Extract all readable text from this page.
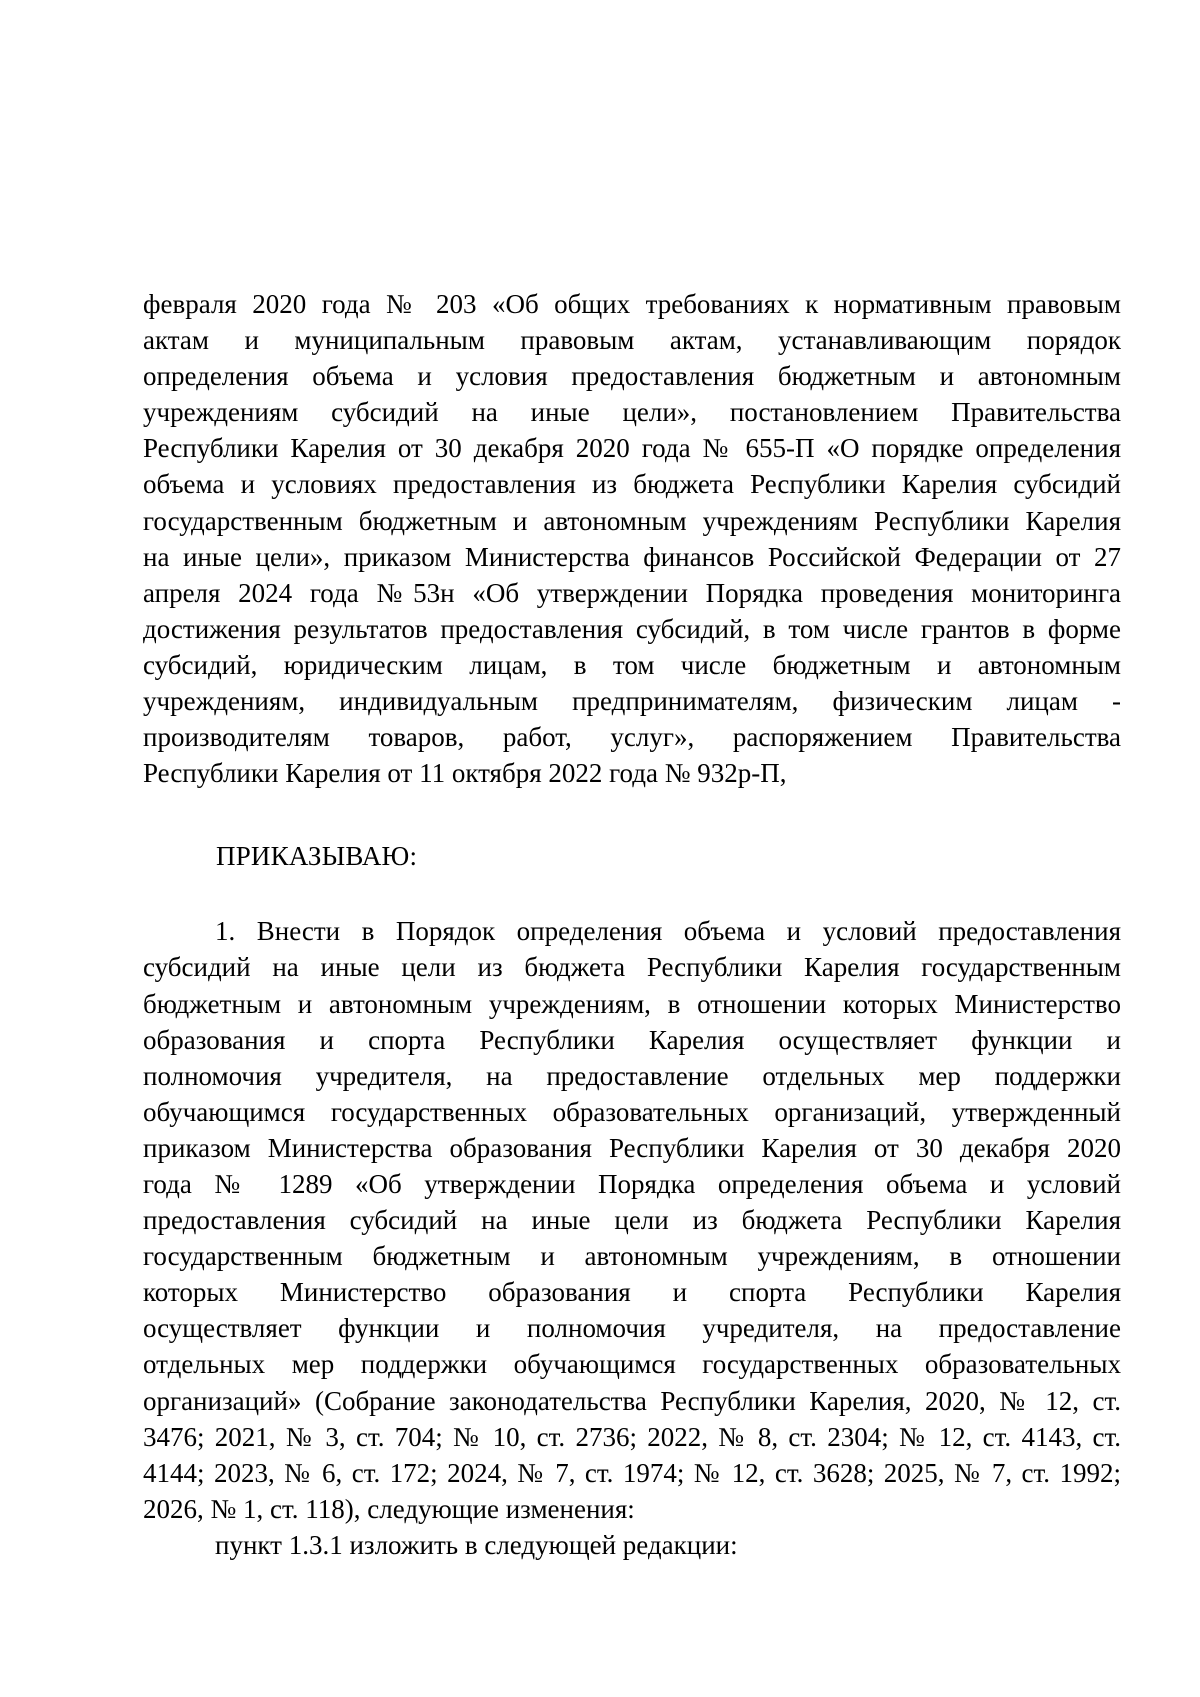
февраля 2020 года № 203 «Об общих требованиях к нормативным правовым
актам и муниципальным правовым актам, устанавливающим порядок
определения объема и условия предоставления бюджетным и автономным
учреждениям субсидий на иные цели», постановлением Правительства
Республики Карелия от 30 декабря 2020 года № 655-П «О порядке определения
объема и условиях предоставления из бюджета Республики Карелия субсидий
государственным бюджетным и автономным учреждениям Республики Карелия
на иные цели», приказом Министерства финансов Российской Федерации от 27
апреля 2024 года №53н «Об утверждении Порядка проведения мониторинга
достижения результатов предоставления субсидий, в том числе грантов в форме
субсидий, юридическим лицам, в том числе бюджетным и автономным
учреждениям, индивидуальным предпринимателям, физическим лицам -
производителям товаров, работ, услуг», распоряжением Правительства
Республики Карелия от 11 октября 2022 года № 932р-П,

ПРИКАЗЫВАЮ:

1. Внести в Порядок определения объема и условий предоставления
субсидий на иные цели из бюджета Республики Карелия государственным
бюджетным и автономным учреждениям, в отношении которых Министерство
образования и спорта Республики Карелия осуществляет функции и
полномочия учредителя, на предоставление отдельных мер поддержки
обучающимся государственных образовательных организаций, утвержденный
приказом Министерства образования Республики Карелия от 30 декабря 2020
года № 1289 «Об утверждении Порядка определения объема и условий
предоставления субсидий на иные цели из бюджета Республики Карелия
государственным бюджетным и автономным учреждениям, в отношении
которых Министерство образования и спорта Республики Карелия
осуществляет функции и полномочия учредителя, на предоставление
отдельных мер поддержки обучающимся государственных образовательных
организаций» (Собрание законодательства Республики Карелия, 2020, № 12, ст.
3476; 2021, № 3, ст. 704; № 10, ст. 2736; 2022, № 8, ст. 2304; № 12, ст. 4143, ст.
4144; 2023, № 6, ст. 172; 2024, № 7, ст. 1974; № 12, ст. 3628; 2025, № 7, ст. 1992;
2026, № 1, ст. 118), следующие изменения:

пункт 1.3.1 изложить в следующей редакции:
